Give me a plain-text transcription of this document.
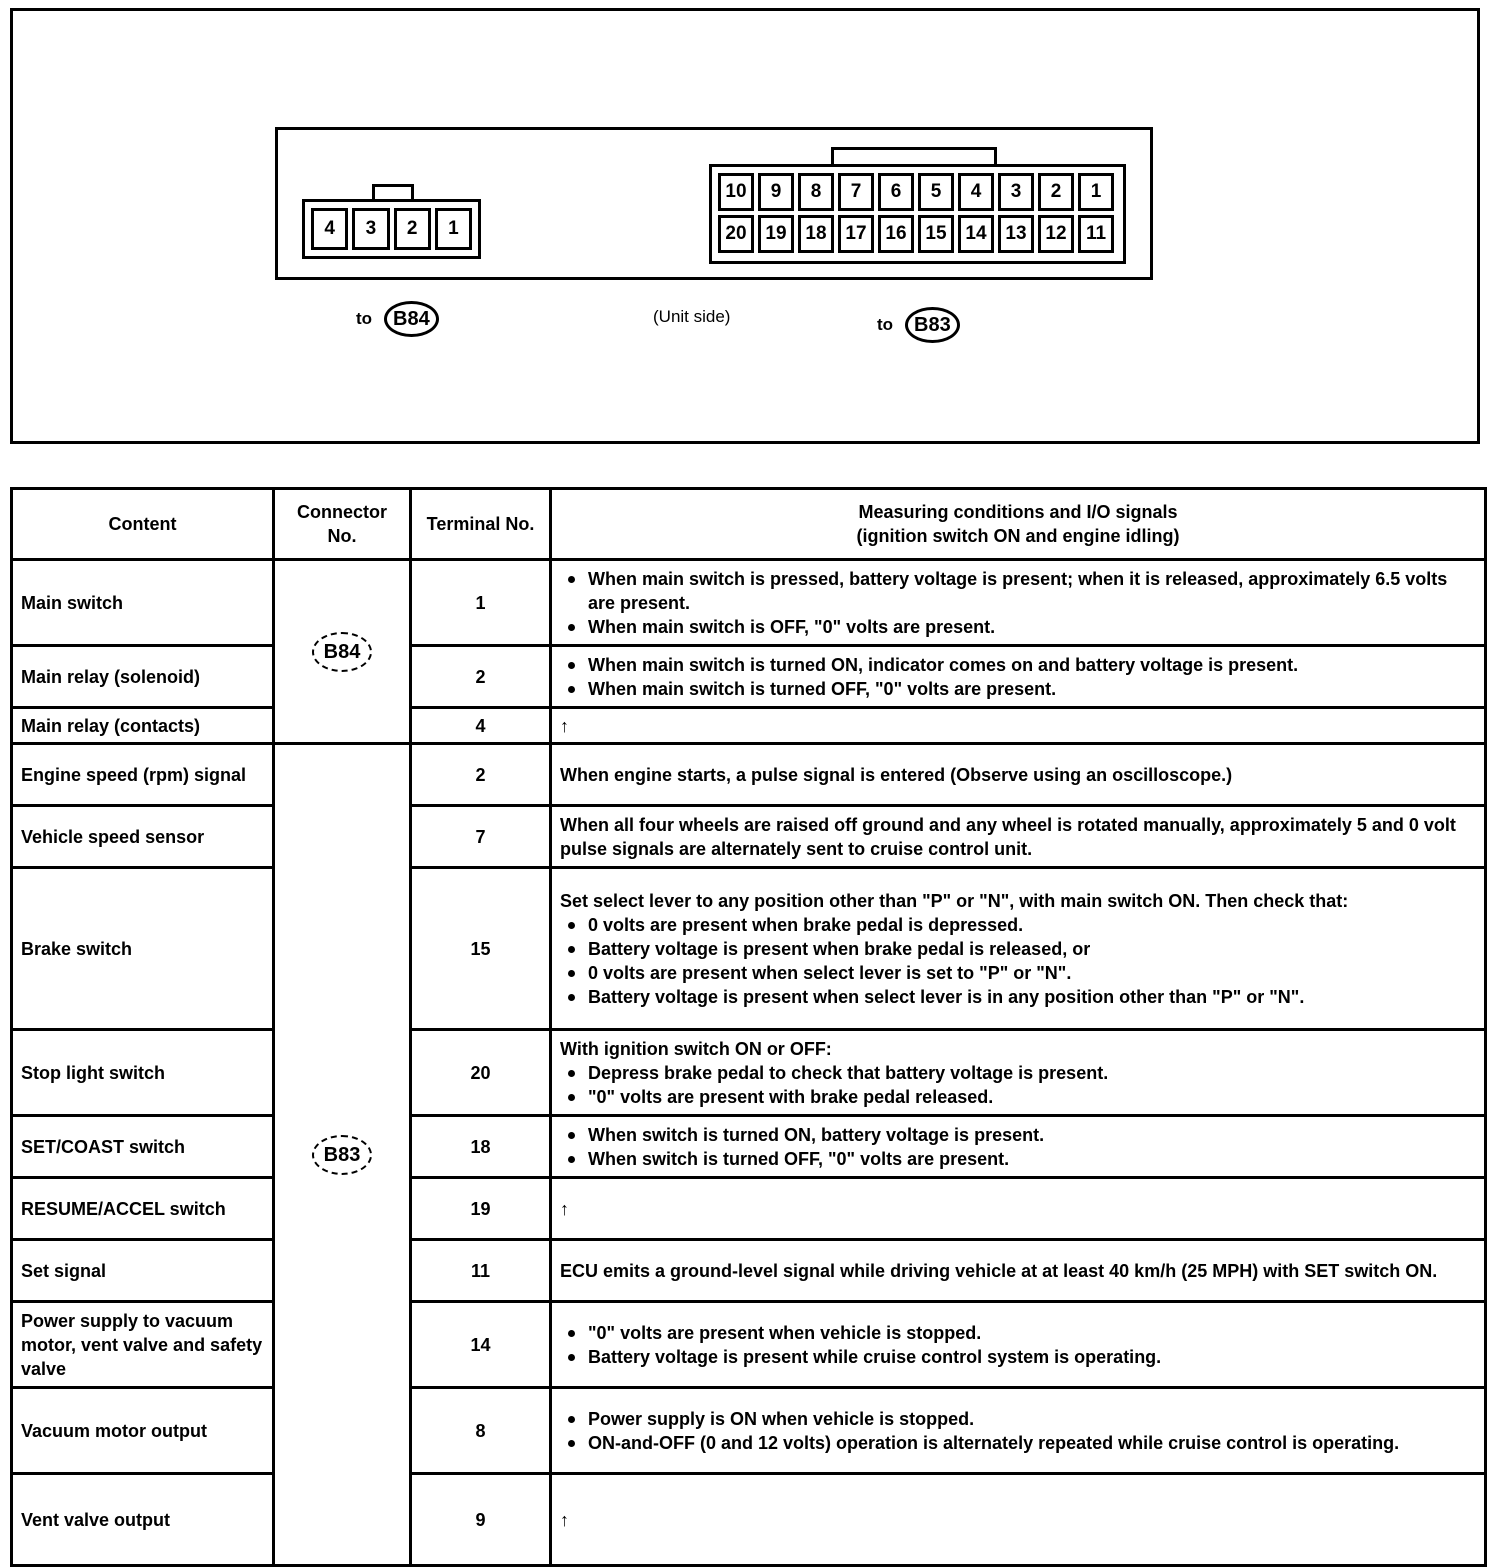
4	3	2	1
10	9	8	7	6	5	4	3	2	1
20 19 18 17 16 15 14 13 12	11
to	B84	(Unit side)	to	B83
Content	Connector No.	Terminal No.	Measuring conditions and I/O signals
(ignition switch ON and engine idling)

Main switch	B84	1	When main switch is pressed, battery voltage is present; when it is released, approximately 6.5 volts are present.
When main switch is OFF, "0" volts are present.

Main relay (solenoid)		2	When main switch is turned ON, indicator comes on and battery voltage is present.
When main switch is turned OFF, "0" volts are present.

Main relay (contacts)		4	↑
Engine speed (rpm) signal	B83	2	When engine starts, a pulse signal is entered (Observe using an oscilloscope.)
Vehicle speed sensor		7	When all four wheels are raised off ground and any wheel is rotated manually, approximately 5 and 0 volt pulse signals are alternately sent to cruise control unit.
Brake switch		15	Set select lever to any position other than "P" or "N", with main switch ON. Then check that:
0 volts are present when brake pedal is depressed.
Battery voltage is present when brake pedal is released, or
0 volts are present when select lever is set to "P" or "N".
Battery voltage is present when select lever is in any position other than "P" or "N".

Stop light switch		20	With ignition switch ON or OFF:
Depress brake pedal to check that battery voltage is present.
"0" volts are present with brake pedal released.

SET/COAST switch		18	When switch is turned ON, battery voltage is present.
When switch is turned OFF, "0" volts are present.

RESUME/ACCEL switch		19	↑
Set signal		11	ECU emits a ground-level signal while driving vehicle at at least 40 km/h (25 MPH) with SET switch ON.
Power supply to vacuum motor, vent valve and safety valve		14	"0" volts are present when vehicle is stopped.
Battery voltage is present while cruise control system is operating.

Vacuum motor output		8	Power supply is ON when vehicle is stopped.
ON-and-OFF (0 and 12 volts) operation is alternately repeated while cruise control is operating.

Vent valve output		9	↑
